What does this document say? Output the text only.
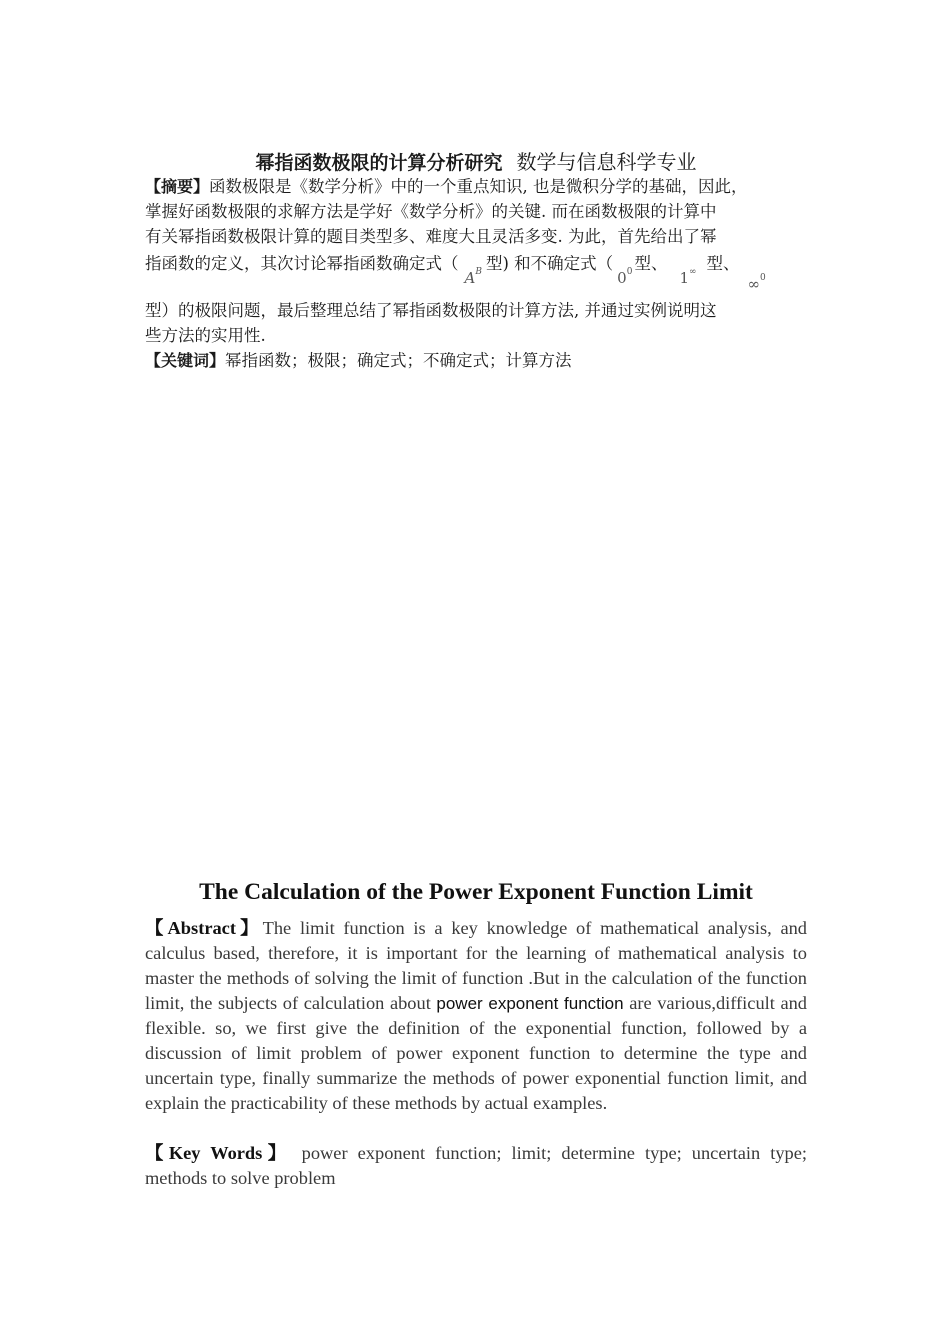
幂指函数极限的计算分析研究 数学与信息科学专业
【摘要】函数极限是《数学分析》中的一个重点知识, 也是微积分学的基础，因此，
掌握好函数极限的求解方法是学好《数学分析》的关键. 而在函数极限的计算中
有关幂指函数极限计算的题目类型多、难度大且灵活多变. 为此，首先给出了幂
指函数的定义，其次讨论幂指函数确定式（$A^B$ 型) 和不确定式（$0^0$ 型、1∞ 型、∞$^0$
型）的极限问题，最后整理总结了幂指函数极限的计算方法, 并通过实例说明这
些方法的实用性.
【关键词】幂指函数；极限；确定式；不确定式；计算方法
The Calculation of the Power Exponent Function Limit
【Abstract】The limit function is a key knowledge of mathematical analysis, and calculus based, therefore, it is important for the learning of mathematical analysis to master the methods of solving the limit of function .But in the calculation of the function limit, the subjects of calculation about power exponent function are various,difficult and flexible. so, we first give the definition of the exponential function, followed by a discussion of limit problem of power exponent function to determine the type and uncertain type, finally summarize the methods of power exponential function limit, and explain the practicability of these methods by actual examples.
【Key Words】 power exponent function; limit; determine type; uncertain type; methods to solve problem
